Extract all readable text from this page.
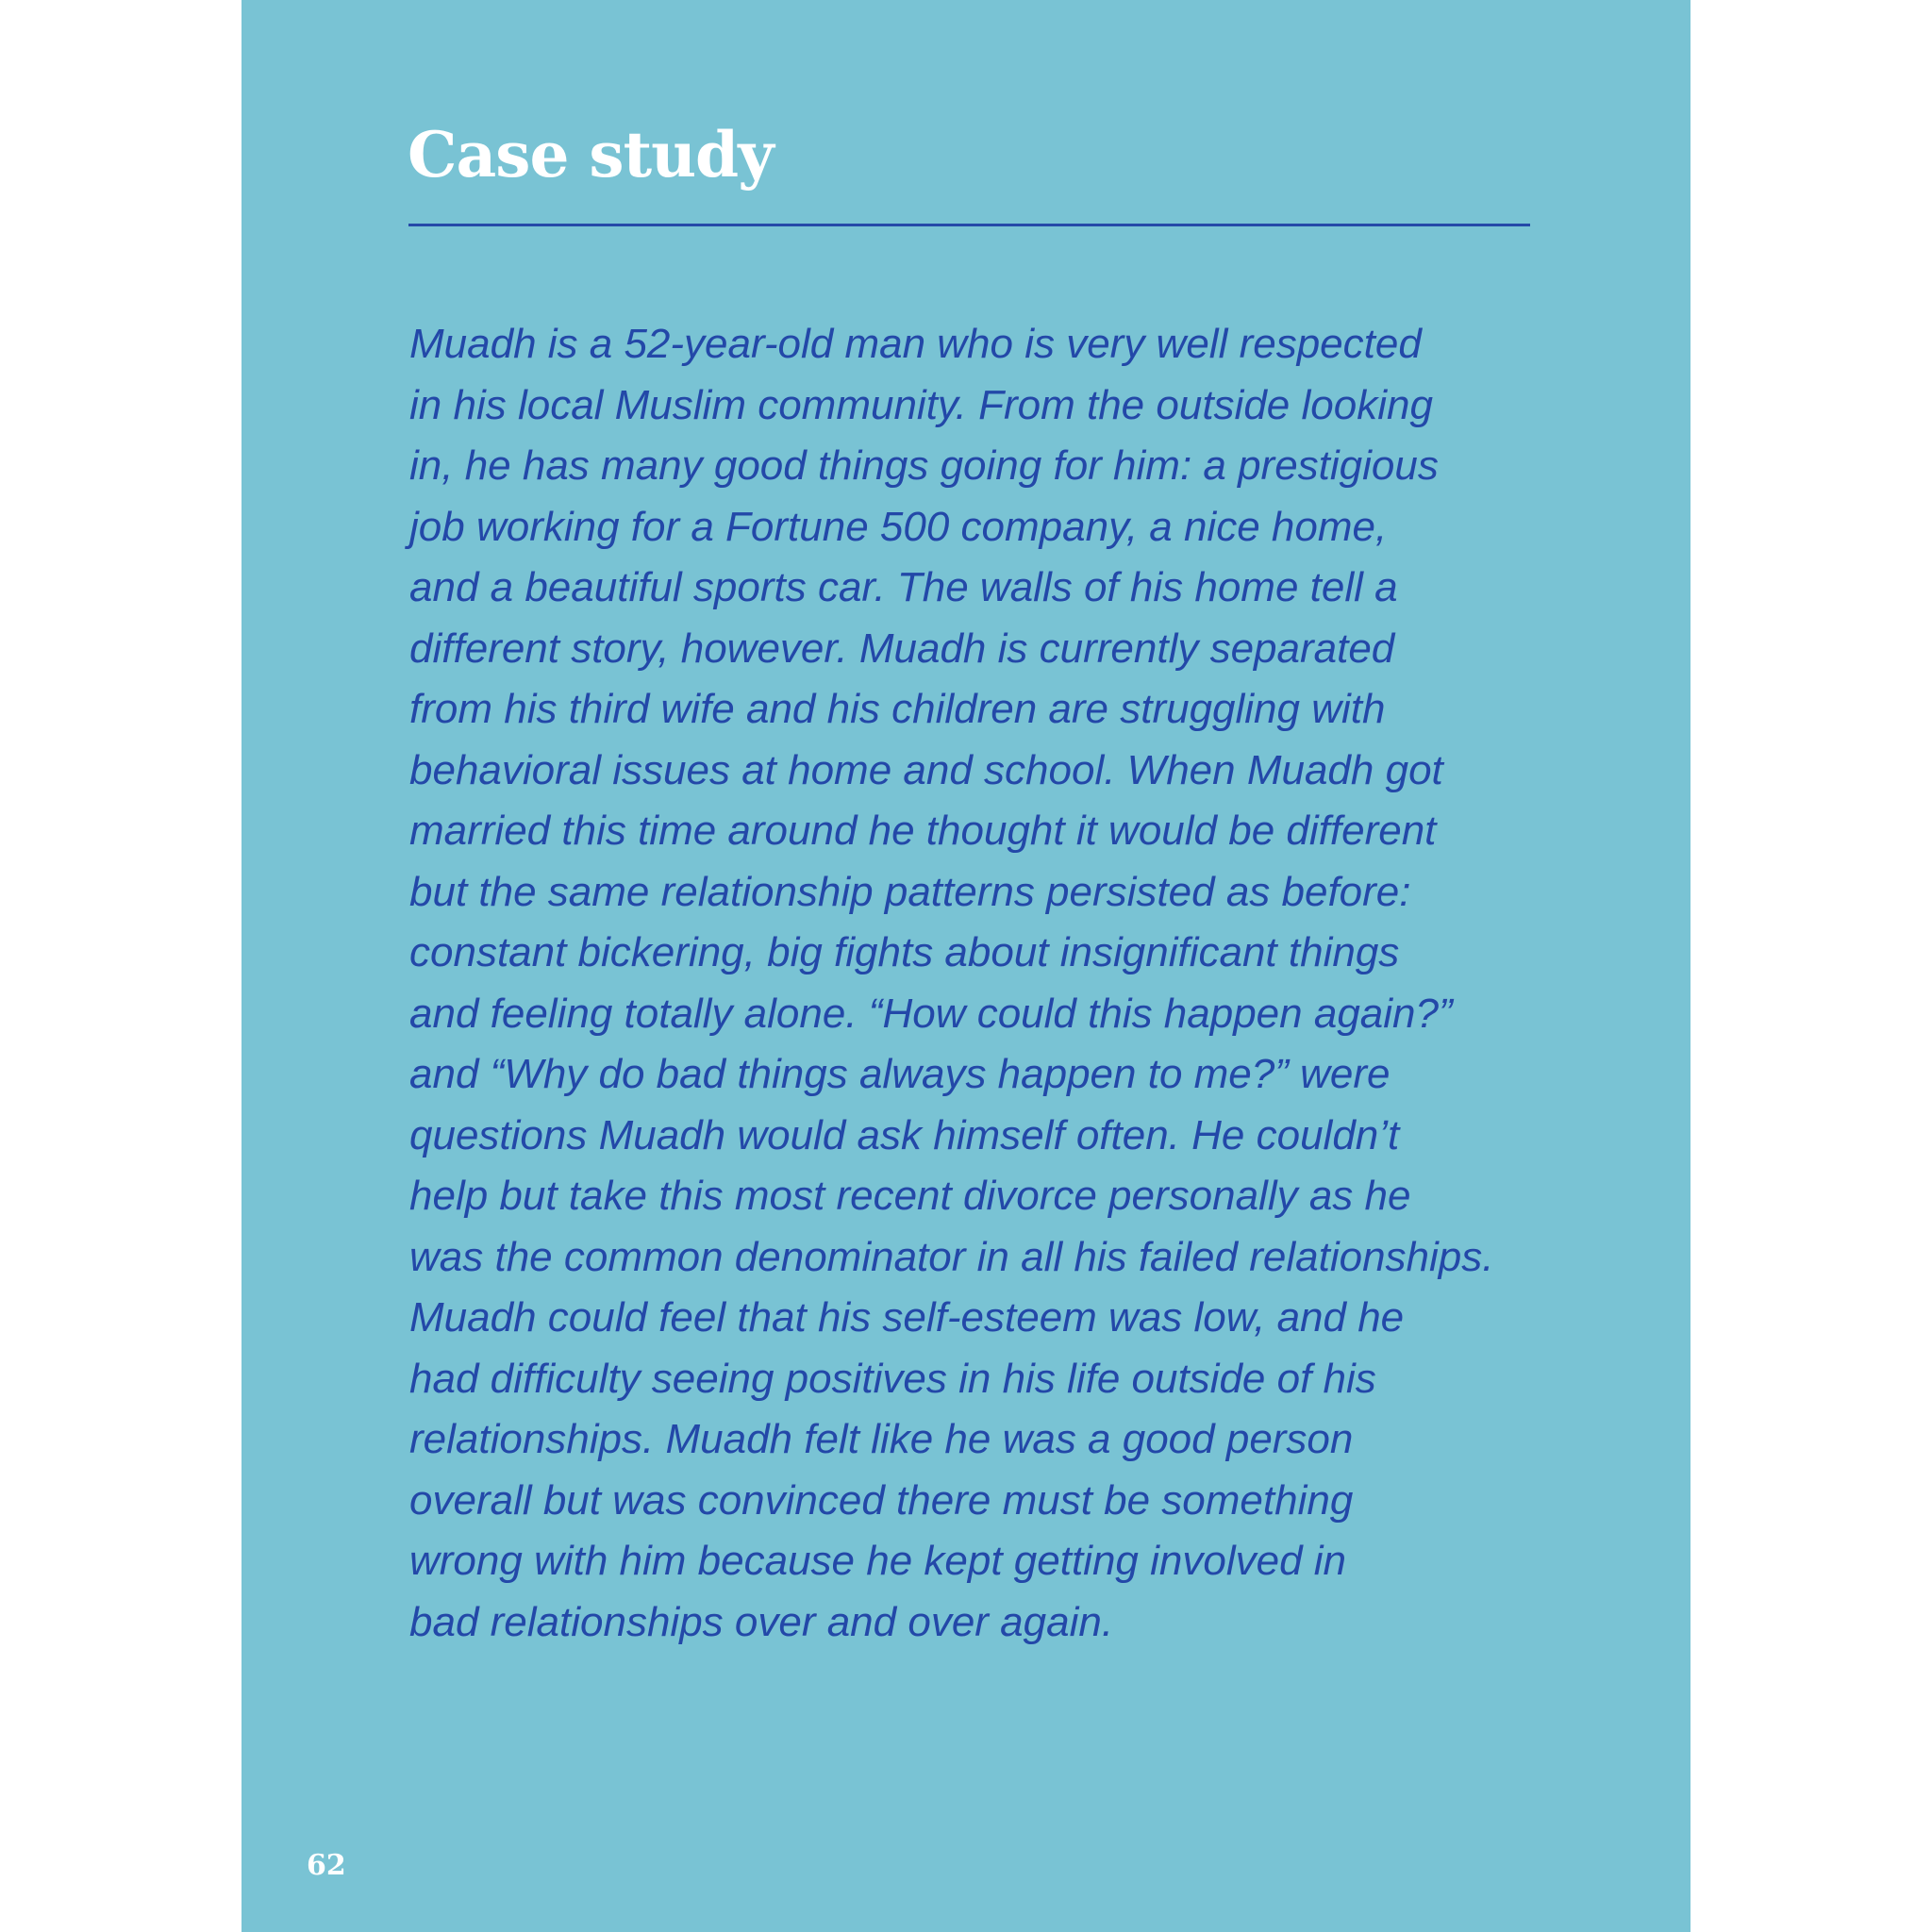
Case study
Muadh is a 52-year-old man who is very well respected
in his local Muslim community. From the outside looking
in, he has many good things going for him: a prestigious
job working for a Fortune 500 company, a nice home,
and a beautiful sports car. The walls of his home tell a
different story, however. Muadh is currently separated
from his third wife and his children are struggling with
behavioral issues at home and school. When Muadh got
married this time around he thought it would be different
but the same relationship patterns persisted as before:
constant bickering, big fights about insignificant things
and feeling totally alone. “How could this happen again?”
and “Why do bad things always happen to me?” were
questions Muadh would ask himself often. He couldn’t
help but take this most recent divorce personally as he
was the common denominator in all his failed relationships.
Muadh could feel that his self-esteem was low, and he
had difficulty seeing positives in his life outside of his
relationships. Muadh felt like he was a good person
overall but was convinced there must be something
wrong with him because he kept getting involved in
bad relationships over and over again.
62
